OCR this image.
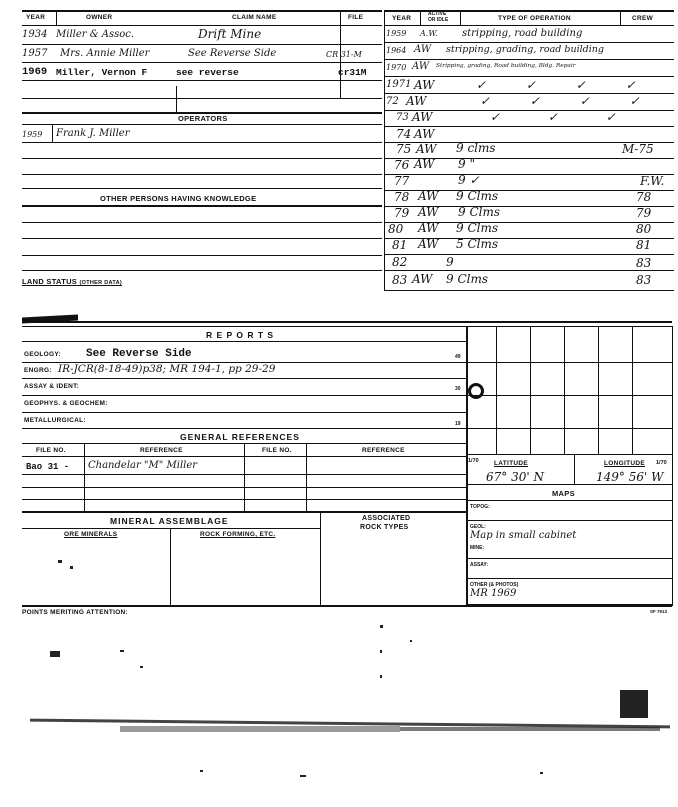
YEAR	OWNER	CLAIM NAME	FILE
1934 Miller & Assoc.	Drift Mine
1957 Mrs. Annie Miller	See Reverse Side	CR 31-M
1969 Miller, Vernon F	see reverse	cr31M
OPERATORS
1959 Frank J. Miller
OTHER PERSONS HAVING KNOWLEDGE
LAND STATUS (OTHER DATA)
YEAR
ACTIVE
OR IDLE	TYPE OF OPERATION	CREW
1959 A.W. stripping, road building
1964 AW stripping, grading, road building
1970 AW Stripping, grading, Road building, Bldg. Repair
1971 AW	✓ ✓ ✓ ✓
72 AW	✓ ✓ ✓ ✓
73 AW	✓ ✓ ✓
74 AW
75 AW 9 clms	M-75
76 AW 9 "
77	9 ✓	F.W.
78 AW 9 Clms	78
79 AW 9 Clms	79
80 AW 9 Clms	80
81 AW 5 Clms	81
82	9	83
83 AW 9 Clms	83
R E P O R T S
GEOLOGY: See Reverse Side	49
ENGRG: IR-JCR(8-18-49)p38; MR 194-1, pp 29-29
ASSAY & IDENT:	30
GEOPHYS. & GEOCHEM:
METALLURGICAL:	19
GENERAL REFERENCES
FILE NO.	REFERENCE	FILE NO.	REFERENCE
Bao 31 - Chandelar "M" Miller	1/70 LATITUDE	LONGITUDE 1/70
67° 30' N	149° 56' W
MAPS
TOPOG:
GEOL:
Map in small cabinet
MINE:
ASSAY:
OTHER (& PHOTOS)
MR 1969
MINERAL ASSEMBLAGE	ASSOCIATED
ROCK TYPES
ORE MINERALS	ROCK FORMING, ETC.
POINTS MERITING ATTENTION:	SF 7913
